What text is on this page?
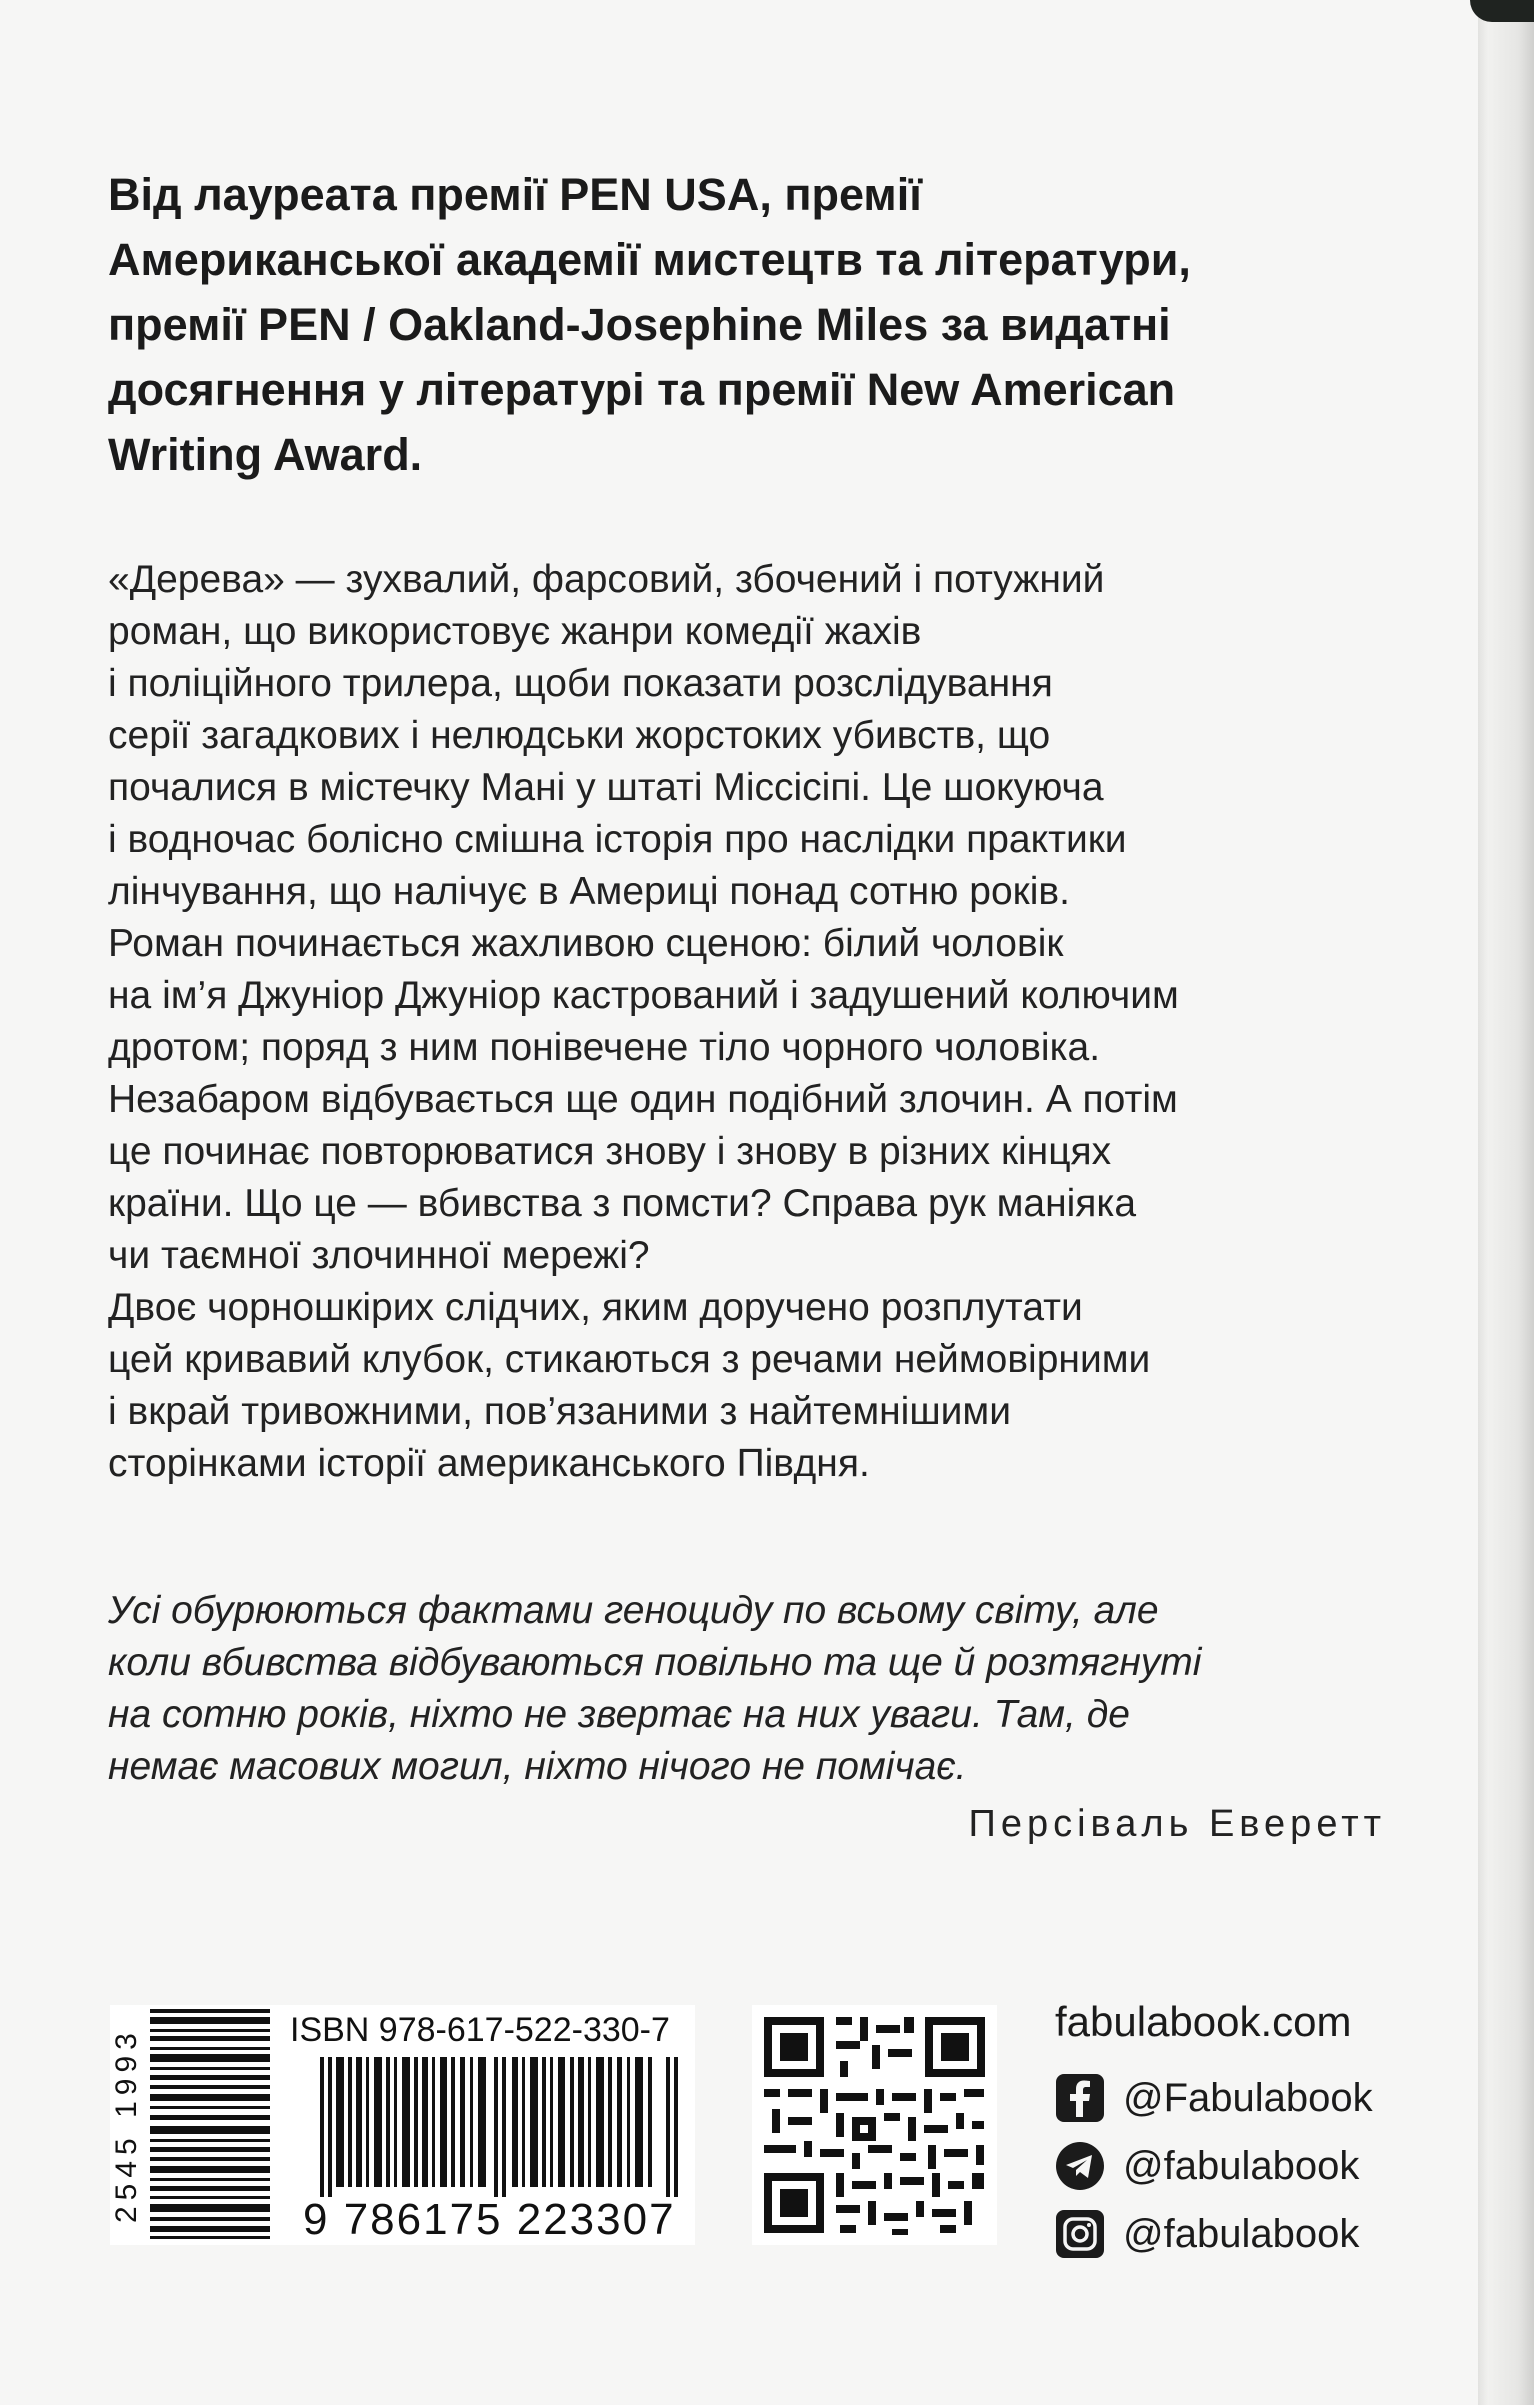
Від лауреата премії PEN USA, премії
Американської академії мистецтв та літератури,
премії PEN / Oakland-Josephine Miles за видатні
досягнення у літературі та премії New American
Writing Award.
«Дерева» — зухвалий, фарсовий, збочений і потужний
роман, що використовує жанри комедії жахів
і поліційного трилера, щоби показати розслідування
серії загадкових і нелюдськи жорстоких убивств, що
почалися в містечку Мані у штаті Міссісіпі. Це шокуюча
і водночас болісно смішна історія про наслідки практики
лінчування, що налічує в Америці понад сотню років.
Роман починається жахливою сценою: білий чоловік
на ім’я Джуніор Джуніор кастрований і задушений колючим
дротом; поряд з ним понівечене тіло чорного чоловіка.
Незабаром відбувається ще один подібний злочин. А потім
це починає повторюватися знову і знову в різних кінцях
країни. Що це — вбивства з помсти? Справа рук маніяка
чи таємної злочинної мережі?
Двоє чорношкірих слідчих, яким доручено розплутати
цей кривавий клубок, стикаються з речами неймовірними
і вкрай тривожними, пов’язаними з найтемнішими
сторінками історії американського Півдня.
Усі обурюються фактами геноциду по всьому світу, але
коли вбивства відбуваються повільно та ще й розтягнуті
на сотню років, ніхто не звертає на них уваги. Там, де
немає масових могил, ніхто нічого не помічає.
Персіваль Еверетт
2545 1993	ISBN 978-617-522-330-7
9 786175 223307
fabulabook.com
@Fabulabook
@fabulabook
@fabulabook
